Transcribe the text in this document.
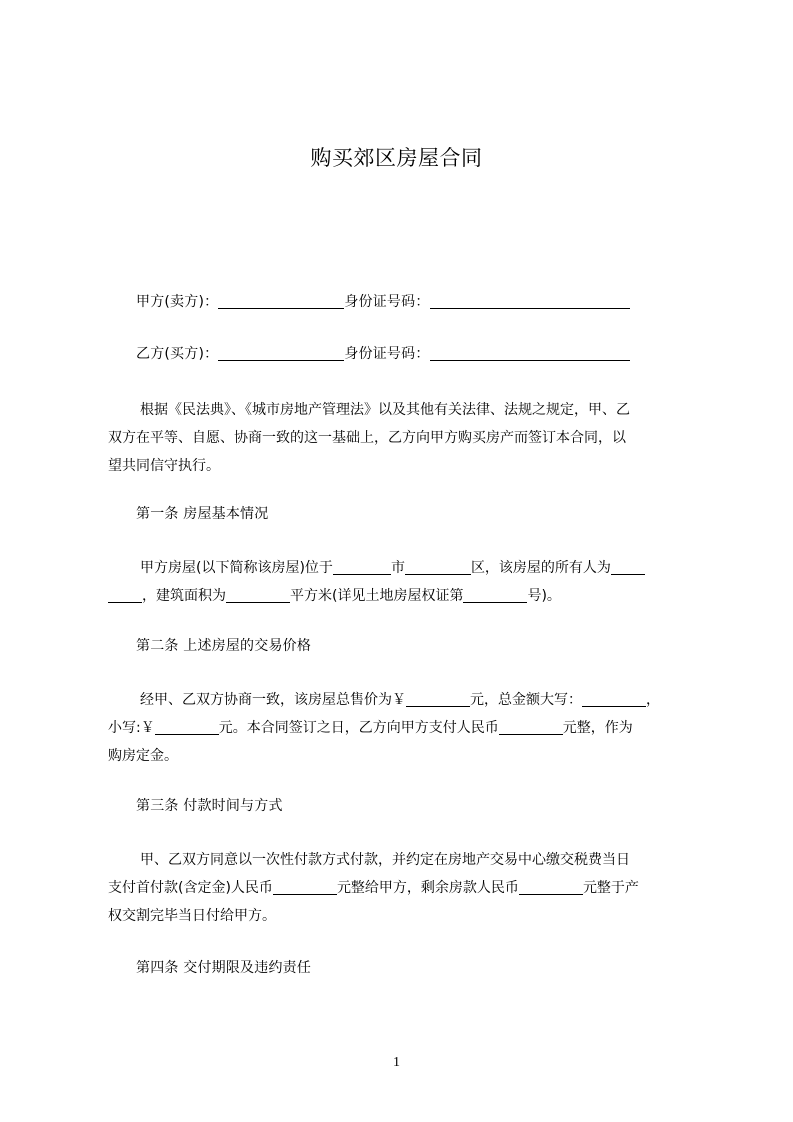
购买郊区房屋合同
甲方(卖方)：	身份证号码：
乙方(买方)：	身份证号码：
根据《民法典》、《城市房地产管理法》以及其他有关法律、法规之规定，甲、乙
双方在平等、自愿、协商一致的这一基础上，乙方向甲方购买房产而签订本合同，以
望共同信守执行。
第一条 房屋基本情况
甲方房屋(以下简称该房屋)位于	市	区，该房屋的所有人为
，建筑面积为	平方米(详见土地房屋权证第	号)。
第二条 上述房屋的交易价格
经甲、乙双方协商一致，该房屋总售价为￥	元，总金额大写：	，
小写:￥	元。本合同签订之日，乙方向甲方支付人民币	元整，作为
购房定金。
第三条 付款时间与方式
甲、乙双方同意以一次性付款方式付款，并约定在房地产交易中心缴交税费当日
支付首付款(含定金)人民币	元整给甲方，剩余房款人民币	元整于产
权交割完毕当日付给甲方。
第四条 交付期限及违约责任
1
